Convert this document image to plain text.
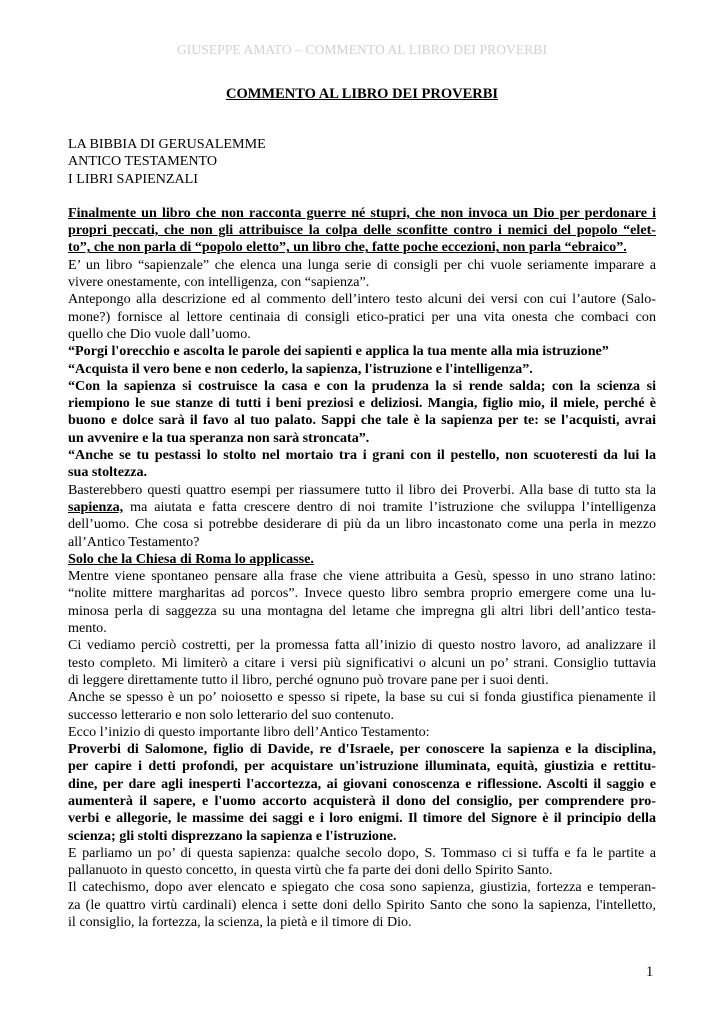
GIUSEPPE AMATO – COMMENTO AL LIBRO DEI PROVERBI
COMMENTO AL LIBRO DEI PROVERBI

LA BIBBIA DI GERUSALEMME

ANTICO TESTAMENTO

I LIBRI SAPIENZALI

Finalmente un libro che non racconta guerre né stupri, che non invoca un Dio per perdonare i

propri peccati, che non gli attribuisce la colpa delle sconfitte contro i nemici del popolo “elet-

to”, che non parla di “popolo eletto”, un libro che, fatte poche eccezioni, non parla “ebraico”.

E’ un libro “sapienzale” che elenca una lunga serie di consigli per chi vuole seriamente imparare a

vivere onestamente, con intelligenza, con “sapienza”.

Antepongo alla descrizione ed al commento dell’intero testo alcuni dei versi con cui l’autore (Salo-

mone?) fornisce al lettore centinaia di consigli etico-pratici per una vita onesta che combaci con

quello che Dio vuole dall’uomo.

“Porgi l'orecchio e ascolta le parole dei sapienti e applica la tua mente alla mia istruzione”

“Acquista il vero bene e non cederlo, la sapienza, l'istruzione e l'intelligenza”.

“Con la sapienza si costruisce la casa e con la prudenza la si rende salda; con la scienza si

riempiono le sue stanze di tutti i beni preziosi e deliziosi. Mangia, figlio mio, il miele, perché è

buono e dolce sarà il favo al tuo palato. Sappi che tale è la sapienza per te: se l'acquisti, avrai

un avvenire e la tua speranza non sarà stroncata”.

“Anche se tu pestassi lo stolto nel mortaio tra i grani con il pestello, non scuoteresti da lui la

sua stoltezza.

Basterebbero questi quattro esempi per riassumere tutto il libro dei Proverbi. Alla base di tutto sta la

sapienza, ma aiutata e fatta crescere dentro di noi tramite l’istruzione che sviluppa l’intelligenza

dell’uomo. Che cosa si potrebbe desiderare di più da un libro incastonato come una perla in mezzo

all’Antico Testamento?

Solo che la Chiesa di Roma lo applicasse.

Mentre viene spontaneo pensare alla frase che viene attribuita a Gesù, spesso in uno strano latino:

“nolite mittere margharitas ad porcos”. Invece questo libro sembra proprio emergere come una lu-

minosa perla di saggezza su una montagna del letame che impregna gli altri libri dell’antico testa-

mento.

Ci vediamo perciò costretti, per la promessa fatta all’inizio di questo nostro lavoro, ad analizzare il

testo completo. Mi limiterò a citare i versi più significativi o alcuni un po’ strani. Consiglio tuttavia

di leggere direttamente tutto il libro, perché ognuno può trovare pane per i suoi denti.

Anche se spesso è un po’ noiosetto e spesso si ripete, la base su cui si fonda giustifica pienamente il

successo letterario e non solo letterario del suo contenuto.

Ecco l’inizio di questo importante libro dell’Antico Testamento:

Proverbi di Salomone, figlio di Davide, re d'Israele, per conoscere la sapienza e la disciplina,

per capire i detti profondi, per acquistare un'istruzione illuminata, equità, giustizia e rettitu-

dine, per dare agli inesperti l'accortezza, ai giovani conoscenza e riflessione. Ascolti il saggio e

aumenterà il sapere, e l'uomo accorto acquisterà il dono del consiglio, per comprendere pro-

verbi e allegorie, le massime dei saggi e i loro enigmi. Il timore del Signore è il principio della

scienza; gli stolti disprezzano la sapienza e l'istruzione.

E parliamo un po’ di questa sapienza: qualche secolo dopo, S. Tommaso ci si tuffa e fa le partite a

pallanuoto in questo concetto, in questa virtù che fa parte dei doni dello Spirito Santo.

Il catechismo, dopo aver elencato e spiegato che cosa sono sapienza, giustizia, fortezza e temperan-

za (le quattro virtù cardinali) elenca i sette doni dello Spirito Santo che sono la sapienza, l'intelletto,

il consiglio, la fortezza, la scienza, la pietà e il timore di Dio.

1
